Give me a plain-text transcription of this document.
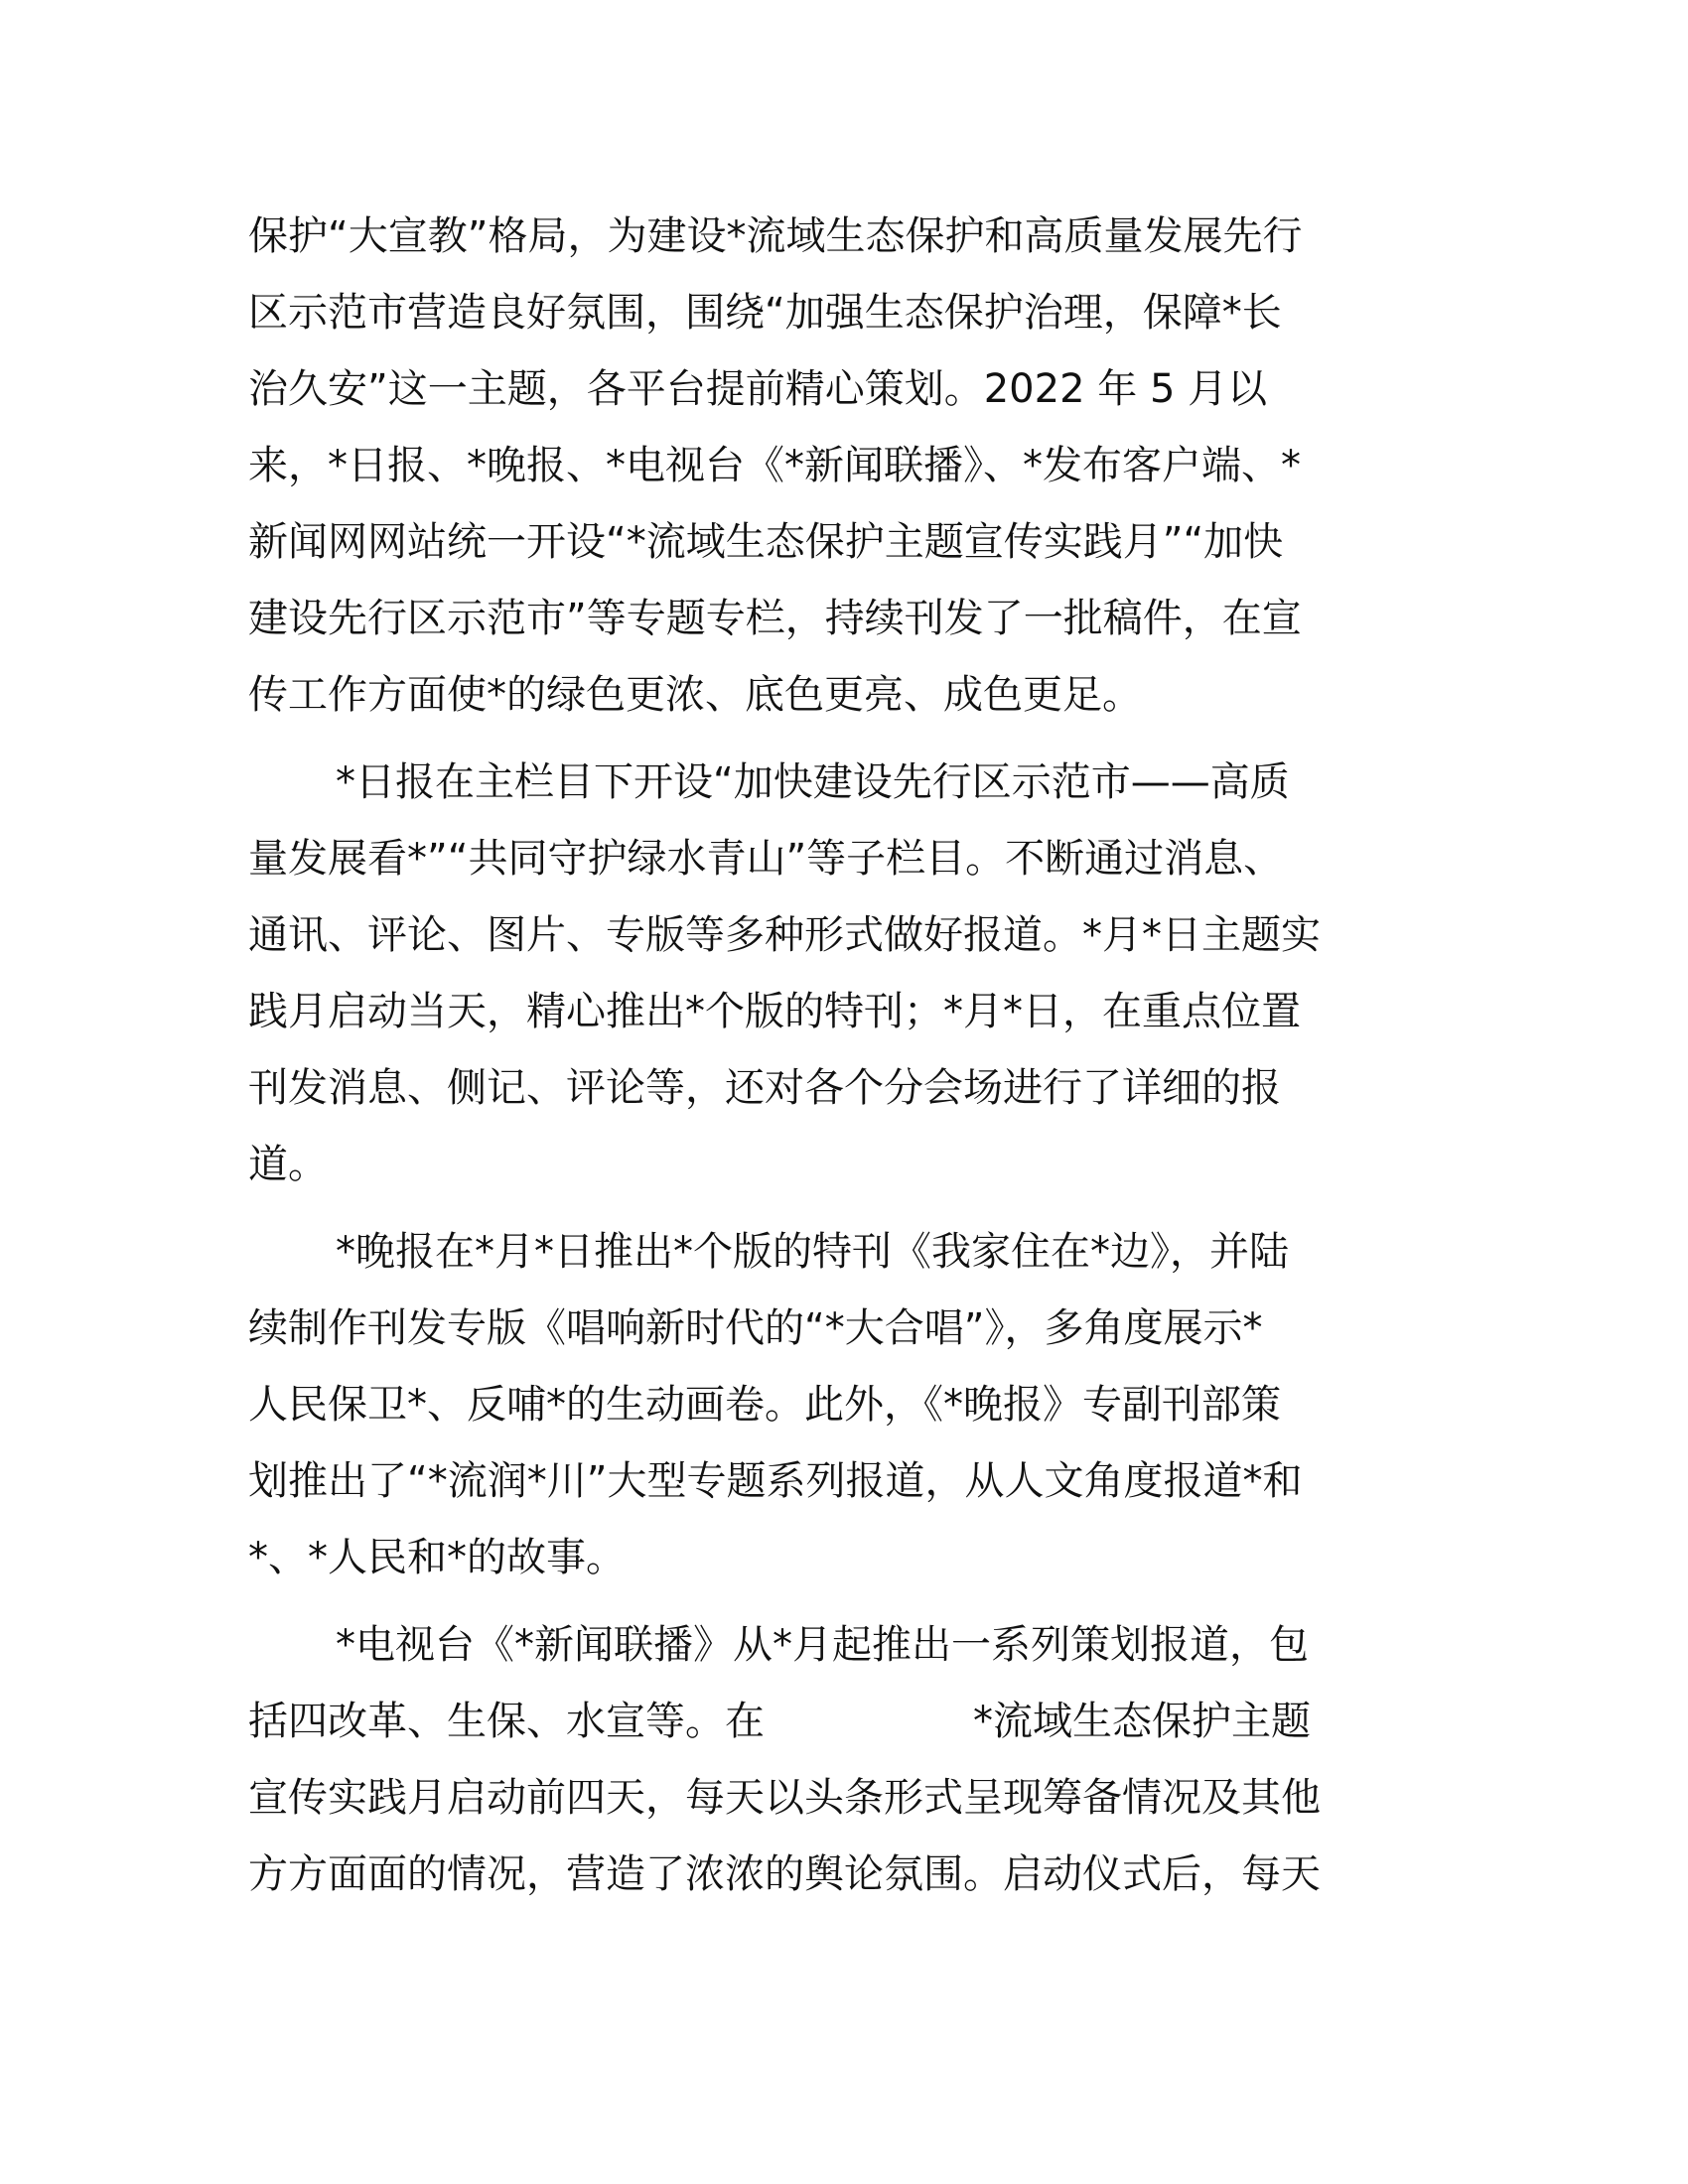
保护“大宣教”格局，为建设*流域生态保护和高质量发展先行
区示范市营造良好氛围，围绕“加强生态保护治理，保障*长
治久安”这一主题，各平台提前精心策划。2022 年 5 月以
来，*日报、*晚报、*电视台《*新闻联播》、*发布客户端、*
新闻网网站统一开设“*流域生态保护主题宣传实践月”“加快
建设先行区示范市”等专题专栏，持续刊发了一批稿件，在宣
传工作方面使*的绿色更浓、底色更亮、成色更足。
*日报在主栏目下开设“加快建设先行区示范市——高质
量发展看*”“共同守护绿水青山”等子栏目。不断通过消息、
通讯、评论、图片、专版等多种形式做好报道。*月*日主题实
践月启动当天，精心推出*个版的特刊；*月*日，在重点位置
刊发消息、侧记、评论等，还对各个分会场进行了详细的报
道。
*晚报在*月*日推出*个版的特刊《我家住在*边》，并陆
续制作刊发专版《唱响新时代的“*大合唱”》，多角度展示*
人民保卫*、反哺*的生动画卷。此外，《*晚报》专副刊部策
划推出了“*流润*川”大型专题系列报道，从人文角度报道*和
*、*人民和*的故事。
*电视台《*新闻联播》从*月起推出一系列策划报道，包
括四改革、生保、水宣等。在	*流域生态保护主题
宣传实践月启动前四天，每天以头条形式呈现筹备情况及其他
方方面面的情况，营造了浓浓的舆论氛围。启动仪式后，每天
